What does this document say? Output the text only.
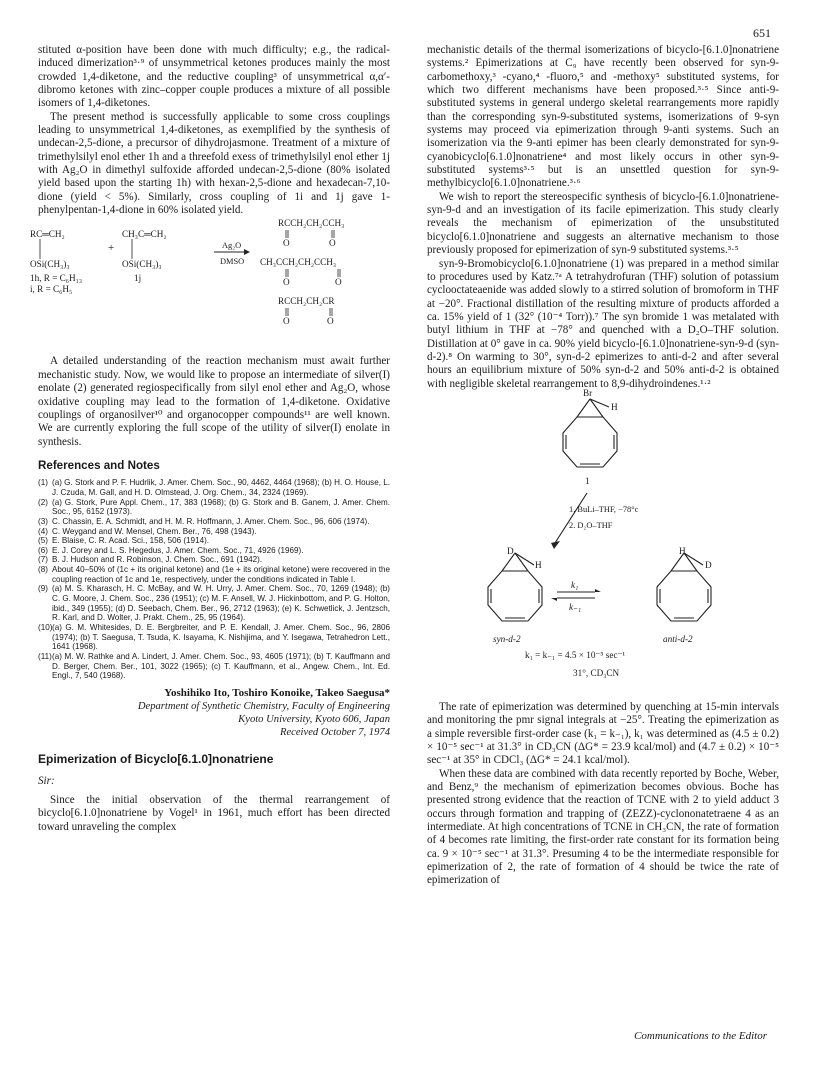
651

stituted α-position have been done with much difficulty; e.g., the radical-induced dimerization³·⁹ of unsymmetrical ketones produces mainly the most crowded 1,4-diketone, and the reductive coupling³ of unsymmetrical α,α′-dibromo ketones with zinc–copper couple produces a mixture of all possible isomers of 1,4-diketones.

The present method is successfully applicable to some cross couplings leading to unsymmetrical 1,4-diketones, as exemplified by the synthesis of undecan-2,5-dione, a precursor of dihydrojasmone. Treatment of a mixture of trimethylsilyl enol ether 1h and a threefold exess of trimethylsilyl enol ether 1j with Ag₂O in dimethyl sulfoxide afforded undecan-2,5-dione (80% isolated yield based upon the starting 1h) with hexan-2,5-dione and hexadecan-7,10-dione (yield < 5%). Similarly, cross coupling of 1i and 1j gave 1-phenylpentan-1,4-dione in 60% isolated yield.

RC═CH₂
OSi(CH₃)₃
1h, R = C₆H₁₃
i, R = C₆H₅
+
CH₃C═CH₂
OSi(CH₃)₃
1j
Ag₂O
DMSO
RCCH₂CH₂CCH₃
O	O
CH₃CCH₂CH₂CCH₃
O	O
RCCH₂CH₂CR
O	O

A detailed understanding of the reaction mechanism must await further mechanistic study. Now, we would like to propose an intermediate of silver(I) enolate (2) generated regiospecifically from silyl enol ether and Ag₂O, whose oxidative coupling may lead to the formation of 1,4-diketone. Oxidative couplings of organosilver¹⁰ and organocopper compounds¹¹ are well known. We are currently exploring the full scope of the utility of silver(I) enolate in synthesis.

References and Notes
(1) (a) G. Stork and P. F. Hudrlik, J. Amer. Chem. Soc., 90, 4462, 4464 (1968); (b) H. O. House, L. J. Czuda, M. Gall, and H. D. Olmstead, J. Org. Chem., 34, 2324 (1969).
(2) (a) G. Stork, Pure Appl. Chem., 17, 383 (1968); (b) G. Stork and B. Ganem, J. Amer. Chem. Soc., 95, 6152 (1973).
(3) C. Chassin, E. A. Schmidt, and H. M. R. Hoffmann, J. Amer. Chem. Soc., 96, 606 (1974).
(4) C. Weygand and W. Mensel, Chem. Ber., 76, 498 (1943).
(5) E. Blaise, C. R. Acad. Sci., 158, 506 (1914).
(6) E. J. Corey and L. S. Hegedus, J. Amer. Chem. Soc., 71, 4926 (1969).
(7) B. J. Hudson and R. Robinson, J. Chem. Soc., 691 (1942).
(8) About 40–50% of (1c + its original ketone) and (1e + its original ketone) were recovered in the coupling reaction of 1c and 1e, respectively, under the conditions indicated in Table I.
(9) (a) M. S. Kharasch, H. C. McBay, and W. H. Urry, J. Amer. Chem. Soc., 70, 1269 (1948); (b) C. G. Moore, J. Chem. Soc., 236 (1951); (c) M. F. Ansell, W. J. Hickinbottom, and P. G. Holton, ibid., 349 (1955); (d) D. Seebach, Chem. Ber., 96, 2712 (1963); (e) K. Schwetlick, J. Jentzsch, R. Karl, and D. Wolter, J. Prakt. Chem., 25, 95 (1964).
(10) (a) G. M. Whitesides, D. E. Bergbreiter, and P. E. Kendall, J. Amer. Chem. Soc., 96, 2806 (1974); (b) T. Saegusa, T. Tsuda, K. Isayama, K. Nishijima, and Y. Isegawa, Tetrahedron Lett., 1641 (1968).
(11) (a) M. W. Rathke and A. Lindert, J. Amer. Chem. Soc., 93, 4605 (1971); (b) T. Kauffmann and D. Berger, Chem. Ber., 101, 3022 (1965); (c) T. Kauffmann, et al., Angew. Chem., Int. Ed. Engl., 7, 540 (1968).
Yoshihiko Ito, Toshiro Konoike, Takeo Saegusa*
Department of Synthetic Chemistry, Faculty of Engineering
Kyoto University, Kyoto 606, Japan
Received October 7, 1974
Epimerization of Bicyclo[6.1.0]nonatriene
Sir:

Since the initial observation of the thermal rearrangement of bicyclo[6.1.0]nonatriene by Vogel¹ in 1961, much effort has been directed toward unraveling the complex

mechanistic details of the thermal isomerizations of bicyclo-[6.1.0]nonatriene systems.² Epimerizations at C₉ have recently been observed for syn-9-carbomethoxy,³ -cyano,⁴ -fluoro,⁵ and -methoxy⁵ substituted systems, for which two different mechanisms have been proposed.³·⁵ Since anti-9-substituted systems in general undergo skeletal rearrangements more rapidly than the corresponding syn-9-substituted systems, isomerizations of 9-syn systems may proceed via epimerization through 9-anti systems. Such an isomerization via the 9-anti epimer has been clearly demonstrated for syn-9-cyanobicyclo[6.1.0]nonatriene⁴ and most likely occurs in other syn-9-substituted systems³·⁵ but is an unsettled question for syn-9-methylbicyclo[6.1.0]nonatriene.³·⁶

We wish to report the stereospecific synthesis of bicyclo-[6.1.0]nonatriene-syn-9-d and an investigation of its facile epimerization. This study clearly reveals the mechanism of epimerization of the unsubstituted bicyclo[6.1.0]nonatriene and suggests an alternative mechanism to those previously proposed for epimerization of syn-9 substituted systems.³·⁵

syn-9-Bromobicyclo[6.1.0]nonatriene (1) was prepared in a method similar to procedures used by Katz.⁷ᵃ A tetrahydrofuran (THF) solution of potassium cyclooctateaenide was added slowly to a stirred solution of bromoform in THF at −20°. Fractional distillation of the resulting mixture of products afforded a ca. 15% yield of 1 (32° (10⁻⁴ Torr)).⁷ The syn bromide 1 was metalated with butyl lithium in THF at −78° and quenched with a D₂O–THF solution. Distillation at 0° gave in ca. 90% yield bicyclo-[6.1.0]nonatriene-syn-9-d (syn-d-2).⁸ On warming to 30°, syn-d-2 epimerizes to anti-d-2 and after several hours an equilibrium mixture of 50% syn-d-2 and 50% anti-d-2 is obtained with negligible skeletal rearrangement to 8,9-dihydroindenes.¹·²

Br
H
1
1. BuLi–THF, −78°c
2. D₂O–THF
D
H
H
D
k₁
k₋₁
syn-d-2	anti-d-2
k₁ = k₋₁ = 4.5 × 10⁻⁵ sec⁻¹
31°, CD₃CN

The rate of epimerization was determined by quenching at 15-min intervals and monitoring the pmr signal integrals at −25°. Treating the epimerization as a simple reversible first-order case (k₁ = k₋₁), k₁ was determined as (4.5 ± 0.2) × 10⁻⁵ sec⁻¹ at 31.3° in CD₃CN (ΔG* = 23.9 kcal/mol) and (4.7 ± 0.2) × 10⁻⁵ sec⁻¹ at 35° in CDCl₃ (ΔG* = 24.1 kcal/mol).

When these data are combined with data recently reported by Boche, Weber, and Benz,⁹ the mechanism of epimerization becomes obvious. Boche has presented strong evidence that the reaction of TCNE with 2 to yield adduct 3 occurs through formation and trapping of (ZEZZ)-cyclononatetraene 4 as an intermediate. At high concentrations of TCNE in CH₃CN, the rate of formation of 4 becomes rate limiting, the first-order rate constant for its formation being ca. 9 × 10⁻⁵ sec⁻¹ at 31.3°. Presuming 4 to be the intermediate responsible for epimerization of 2, the rate of formation of 4 should be twice the rate of epimerization of

Communications to the Editor
